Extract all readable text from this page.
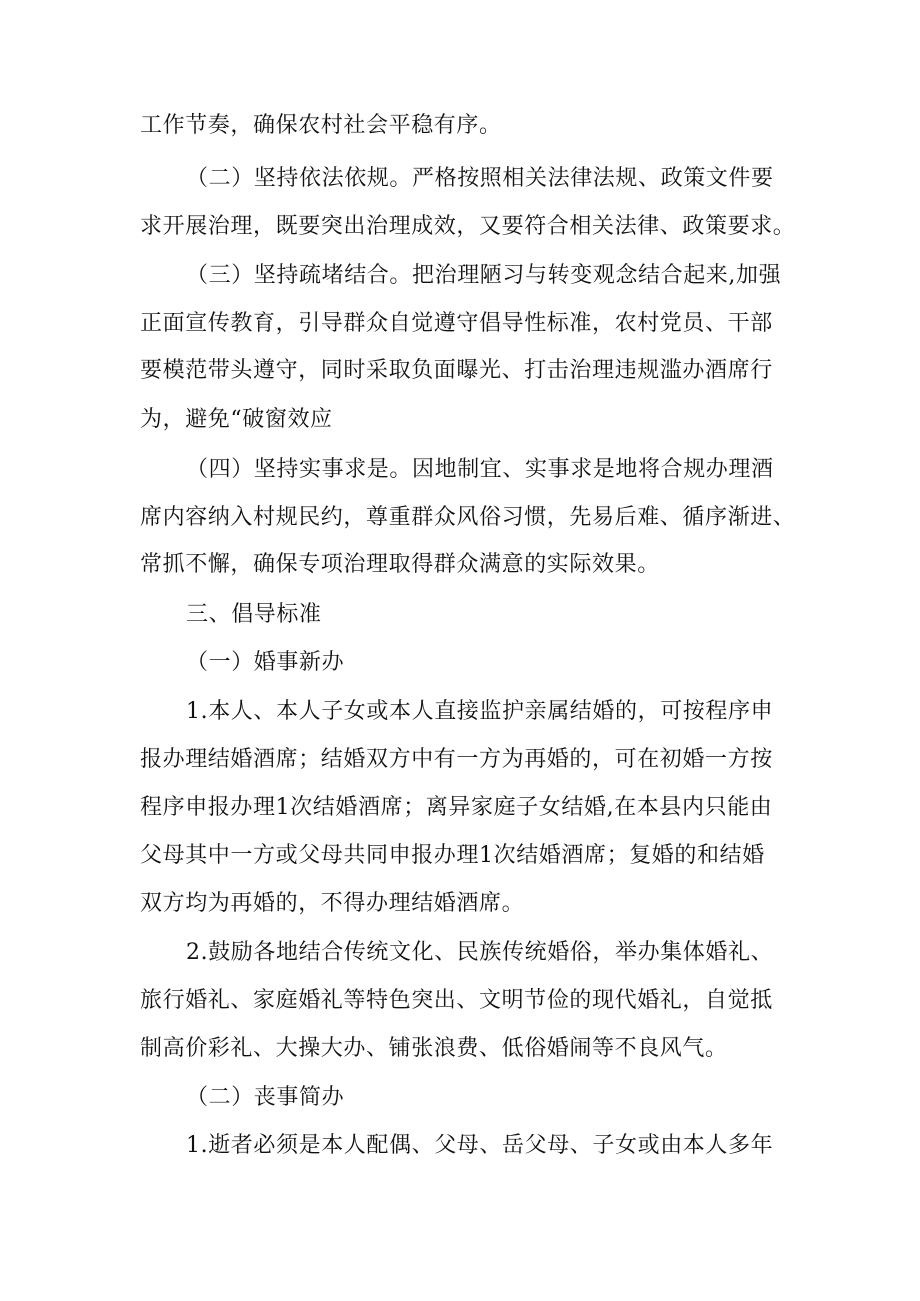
工作节奏，确保农村社会平稳有序。
（二）坚持依法依规。严格按照相关法律法规、政策文件要
求开展治理，既要突出治理成效，又要符合相关法律、政策要求。
（三）坚持疏堵结合。把治理陋习与转变观念结合起来,加强
正面宣传教育，引导群众自觉遵守倡导性标准，农村党员、干部
要模范带头遵守，同时采取负面曝光、打击治理违规滥办酒席行
为，避免“破窗效应
（四）坚持实事求是。因地制宜、实事求是地将合规办理酒
席内容纳入村规民约，尊重群众风俗习惯，先易后难、循序渐进、
常抓不懈，确保专项治理取得群众满意的实际效果。
三、倡导标准
（一）婚事新办
1.本人、本人子女或本人直接监护亲属结婚的，可按程序申
报办理结婚酒席；结婚双方中有一方为再婚的，可在初婚一方按
程序申报办理1次结婚酒席；离异家庭子女结婚,在本县内只能由
父母其中一方或父母共同申报办理1次结婚酒席；复婚的和结婚
双方均为再婚的，不得办理结婚酒席。
2.鼓励各地结合传统文化、民族传统婚俗，举办集体婚礼、
旅行婚礼、家庭婚礼等特色突出、文明节俭的现代婚礼，自觉抵
制高价彩礼、大操大办、铺张浪费、低俗婚闹等不良风气。
（二）丧事简办
1.逝者必须是本人配偶、父母、岳父母、子女或由本人多年
